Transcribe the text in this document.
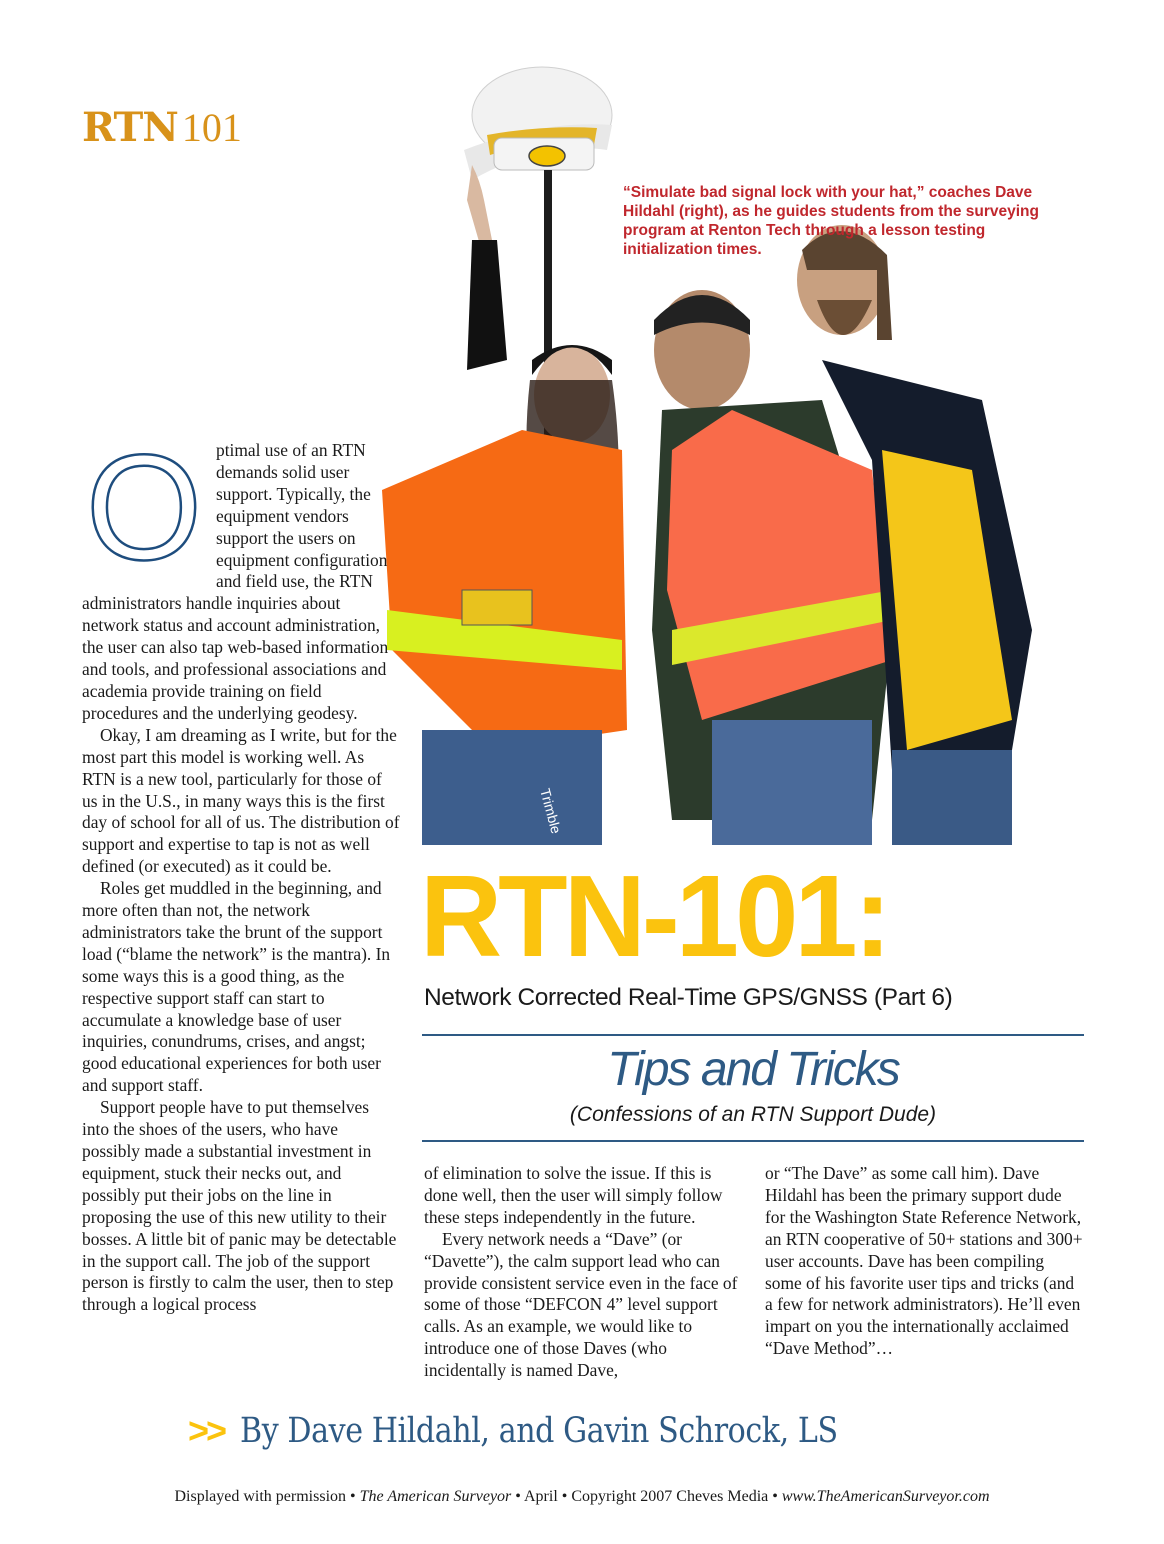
RTN 101
Trimble
“Simulate bad signal lock with your hat,” coaches Dave Hildahl (right), as he guides students from the surveying program at Renton Tech through a lesson testing initialization times.
O ptimal use of an RTN demands solid user support. Typically, the equipment vendors support the users on equipment configuration and field use, the RTN administrators handle inquiries about network status and account administration, the user can also tap web-based information and tools, and professional associations and academia provide training on field procedures and the underlying geodesy.

Okay, I am dreaming as I write, but for the most part this model is working well. As RTN is a new tool, particularly for those of us in the U.S., in many ways this is the first day of school for all of us. The distribution of support and expertise to tap is not as well defined (or executed) as it could be.

Roles get muddled in the beginning, and more often than not, the network administrators take the brunt of the support load (“blame the network” is the mantra). In some ways this is a good thing, as the respective support staff can start to accumulate a knowledge base of user inquiries, conundrums, crises, and angst; good educational experiences for both user and support staff.

Support people have to put themselves into the shoes of the users, who have possibly made a substantial investment in equipment, stuck their necks out, and possibly put their jobs on the line in proposing the use of this new utility to their bosses. A little bit of panic may be detectable in the support call. The job of the support person is firstly to calm the user, then to step through a logical process

RTN-101:
Network Corrected Real-Time GPS/GNSS (Part 6)
Tips and Tricks
(Confessions of an RTN Support Dude)

of elimination to solve the issue. If this is done well, then the user will simply follow these steps independently in the future.

Every network needs a “Dave” (or “Davette”), the calm support lead who can provide consistent service even in the face of some of those “DEFCON 4” level support calls. As an example, we would like to introduce one of those Daves (who incidentally is named Dave,

or “The Dave” as some call him). Dave Hildahl has been the primary support dude for the Washington State Reference Network, an RTN cooperative of 50+ stations and 300+ user accounts. Dave has been compiling some of his favorite user tips and tricks (and a few for network administrators). He’ll even impart on you the internationally acclaimed “Dave Method”…

>> By Dave Hildahl, and Gavin Schrock, LS
Displayed with permission • The American Surveyor • April • Copyright 2007 Cheves Media • www.TheAmericanSurveyor.com
